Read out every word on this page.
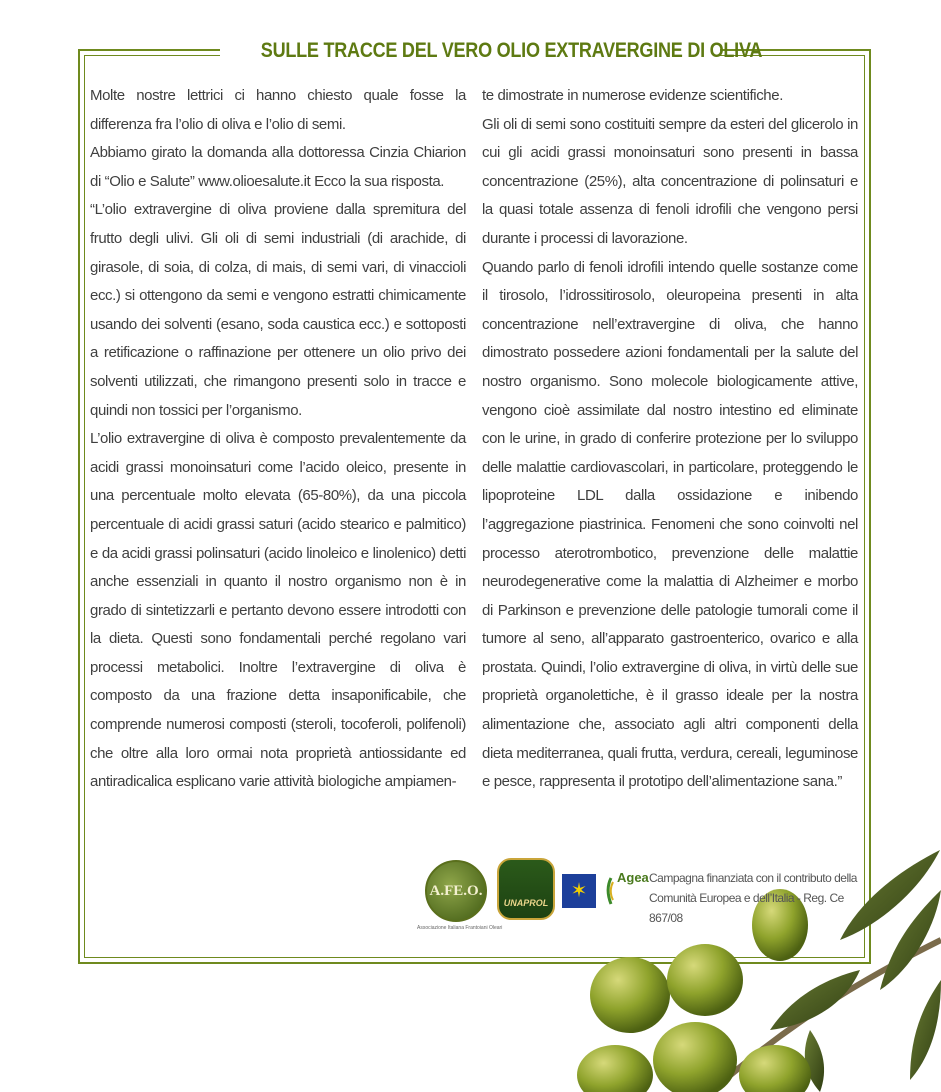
SULLE TRACCE DEL VERO OLIO EXTRAVERGINE DI OLIVA

Molte nostre lettrici ci hanno chiesto quale fosse la differenza fra l’olio di oliva e l’olio di semi.

Abbiamo girato la domanda alla dottoressa Cinzia Chiarion di “Olio e Salute” www.olioesalute.it Ecco la sua risposta.

“L’olio extravergine di oliva proviene dalla spremitura del frutto degli ulivi. Gli oli di semi industriali (di arachide, di girasole, di soia, di colza, di mais, di semi vari, di vinaccioli ecc.) si ottengono da semi e vengono estratti chimicamente usando dei solventi (esano, soda caustica ecc.) e sottoposti a retificazione o raffinazione per ottenere un olio privo dei solventi utilizzati, che rimangono presenti solo in tracce e quindi non tossici per l’organismo.

L’olio extravergine di oliva è composto prevalentemente da acidi grassi monoinsaturi come l’acido oleico, presente in una percentuale molto elevata (65-80%), da una piccola percentuale di acidi grassi saturi (acido stearico e palmitico) e da acidi grassi polinsaturi (acido linoleico e linolenico) detti anche essenziali in quanto il nostro organismo non è in grado di sintetizzarli e pertanto devono essere introdotti con la dieta. Questi sono fondamentali perché regolano vari processi metabolici. Inoltre l’extravergine di oliva è composto da una frazione detta insaponificabile, che comprende numerosi composti (steroli, tocoferoli, polifenoli) che oltre alla loro ormai nota proprietà antiossidante ed antiradicalica esplicano varie attività biologiche ampiamen-

te dimostrate in numerose evidenze scientifiche.

Gli oli di semi sono costituiti sempre da esteri del glicerolo in cui gli acidi grassi monoinsaturi sono presenti in bassa concentrazione (25%), alta concentrazione di polinsaturi e la quasi totale assenza di fenoli idrofili che vengono persi durante i processi di lavorazione.

Quando parlo di fenoli idrofili intendo quelle sostanze come il tirosolo, l’idrossitirosolo, oleuropeina presenti in alta concentrazione nell’extravergine di oliva, che hanno dimostrato possedere azioni fondamentali per la salute del nostro organismo. Sono molecole biologicamente attive, vengono cioè assimilate dal nostro intestino ed eliminate con le urine, in grado di conferire protezione per lo sviluppo delle malattie cardiovascolari, in particolare, proteggendo le lipoproteine LDL dalla ossidazione e inibendo l’aggregazione piastrinica. Fenomeni che sono coinvolti nel processo aterotrombotico, prevenzione delle malattie neurodegenerative come la malattia di Alzheimer e morbo di Parkinson e prevenzione delle patologie tumorali come il tumore al seno, all’apparato gastroenterico, ovarico e alla prostata. Quindi, l’olio extravergine di oliva, in virtù delle sue proprietà organolettiche, è il grasso ideale per la nostra alimentazione che, associato agli altri componenti della dieta mediterranea, quali frutta, verdura, cereali, leguminose e pesce, rappresenta il prototipo dell’alimentazione sana.”

A.FE.O.
Associazione Italiana Frantoiani Oleari
UNAPROL
✶
Agea Campagna finanziata con il contributo della Comunità Europea e dell’Italia - Reg. Ce 867/08
